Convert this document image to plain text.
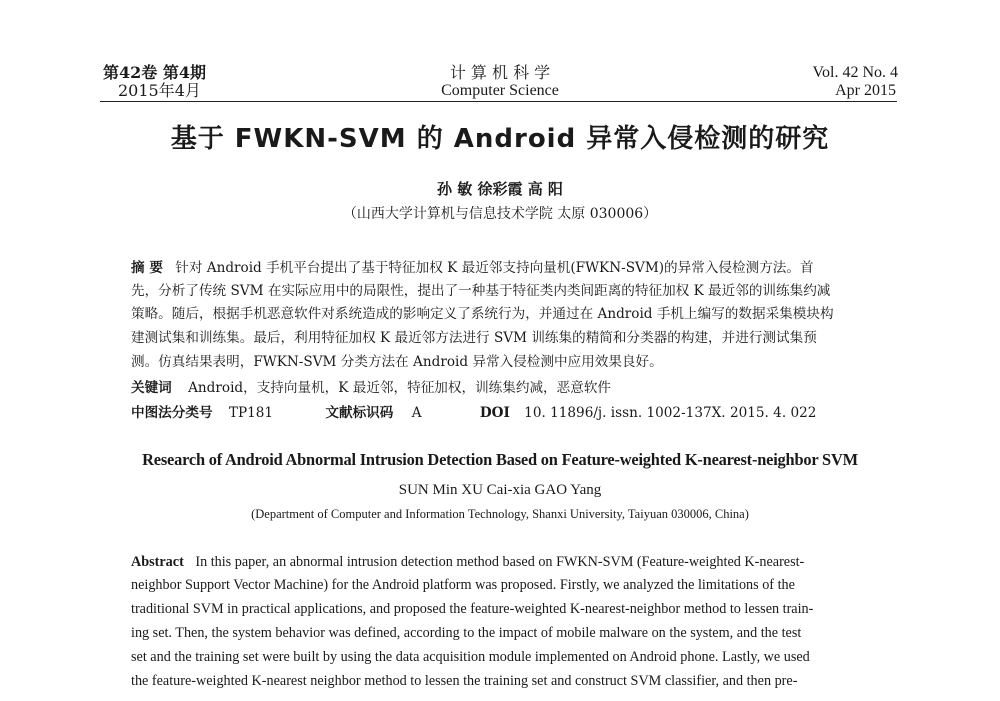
第42卷 第4期
2015年4月
计 算 机 科 学
Computer Science
Vol. 42 No. 4
Apr 2015
基于 FWKN-SVM 的 Android 异常入侵检测的研究
孙 敏 徐彩霞 高 阳
（山西大学计算机与信息技术学院 太原 030006）
摘 要 针对 Android 手机平台提出了基于特征加权 K 最近邻支持向量机(FWKN-SVM)的异常入侵检测方法。首
先，分析了传统 SVM 在实际应用中的局限性，提出了一种基于特征类内类间距离的特征加权 K 最近邻的训练集约减
策略。随后，根据手机恶意软件对系统造成的影响定义了系统行为，并通过在 Android 手机上编写的数据采集模块构
建测试集和训练集。最后，利用特征加权 K 最近邻方法进行 SVM 训练集的精简和分类器的构建，并进行测试集预
测。仿真结果表明，FWKN-SVM 分类方法在 Android 异常入侵检测中应用效果良好。
关键词 Android，支持向量机，K 最近邻，特征加权，训练集约减，恶意软件
中图法分类号 TP181	文献标识码 A	DOI 10. 11896/j. issn. 1002-137X. 2015. 4. 022
Research of Android Abnormal Intrusion Detection Based on Feature-weighted K-nearest-neighbor SVM
SUN Min XU Cai-xia GAO Yang
(Department of Computer and Information Technology, Shanxi University, Taiyuan 030006, China)
Abstract In this paper, an abnormal intrusion detection method based on FWKN-SVM (Feature-weighted K-nearest-
neighbor Support Vector Machine) for the Android platform was proposed. Firstly, we analyzed the limitations of the
traditional SVM in practical applications, and proposed the feature-weighted K-nearest-neighbor method to lessen train-
ing set. Then, the system behavior was defined, according to the impact of mobile malware on the system, and the test
set and the training set were built by using the data acquisition module implemented on Android phone. Lastly, we used
the feature-weighted K-nearest neighbor method to lessen the training set and construct SVM classifier, and then pre-
